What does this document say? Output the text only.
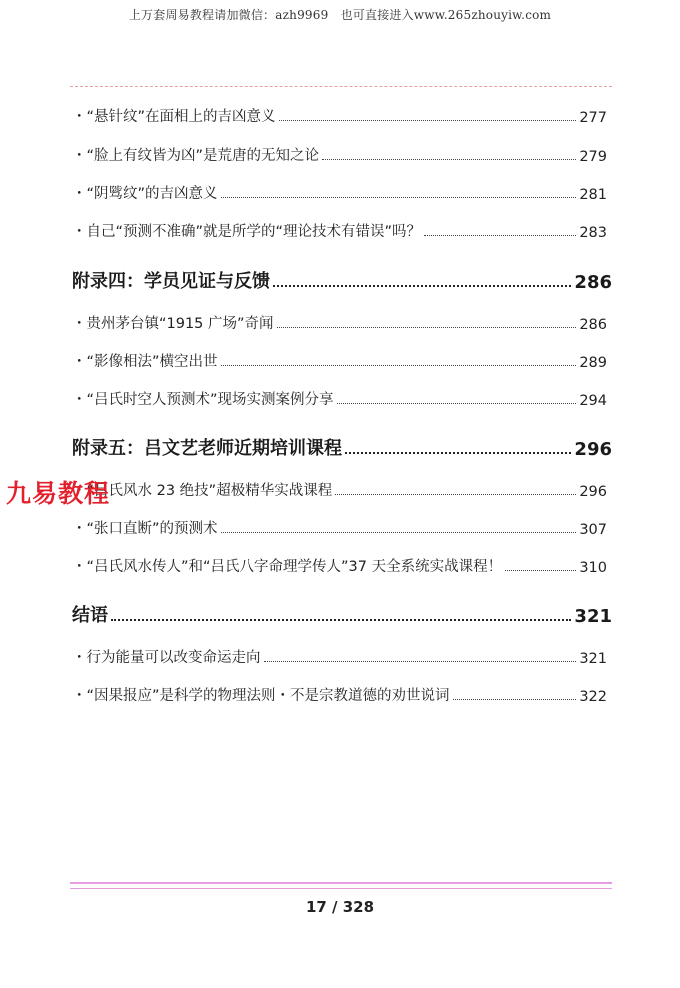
上万套周易教程请加微信：azh9969　也可直接进入www.265zhouyiw.com
・“悬针纹”在面相上的吉凶意义	277
・“脸上有纹皆为凶”是荒唐的无知之论	279
・“阴骘纹”的吉凶意义	281
・自己“预测不准确”就是所学的“理论技术有错误”吗？	283
附录四：学员见证与反馈	286
・贵州茅台镇“1915 广场”奇闻	286
・“影像相法”横空出世	289
・“吕氏时空人预测术”现场实测案例分享	294
附录五：吕文艺老师近期培训课程	296
・“吕氏风水 23 绝技”超极精华实战课程	296
・“张口直断”的预测术	307
・“吕氏风水传人”和“吕氏八字命理学传人”37 天全系统实战课程！	310
结语	321
・行为能量可以改变命运走向	321
・“因果报应”是科学的物理法则・不是宗教道德的劝世说词	322
九易教程
17 / 328
